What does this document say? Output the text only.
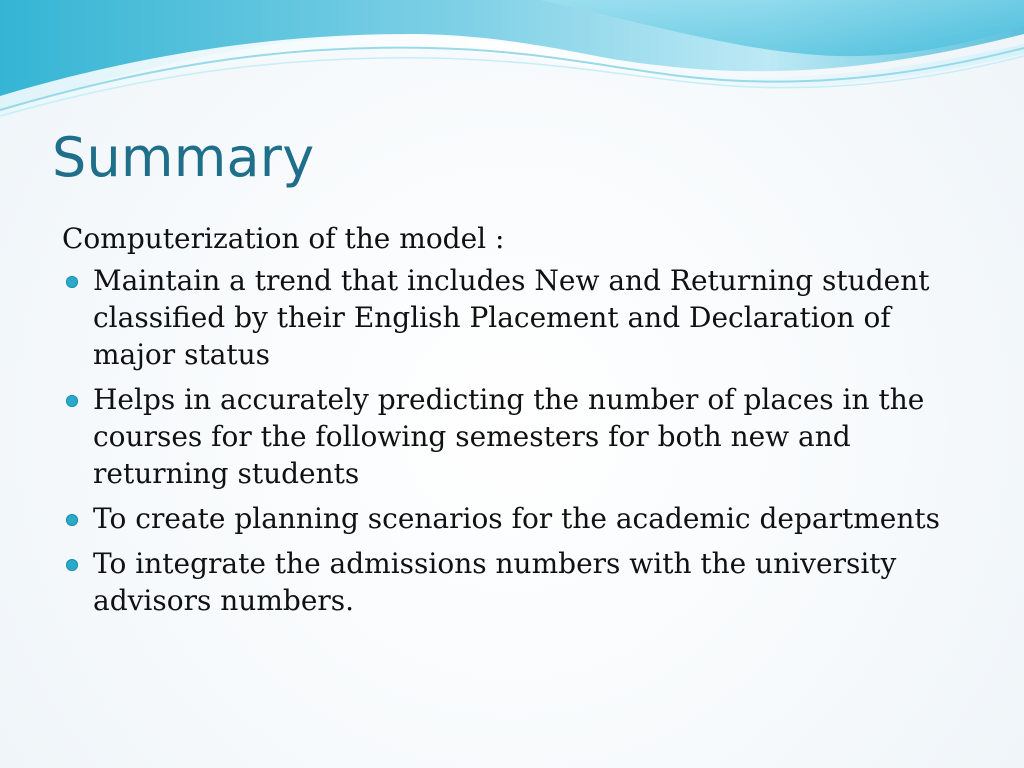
Summary

Computerization of the model :

Maintain a trend that includes New and Returning student classified by their English Placement and Declaration of major status
Helps in accurately predicting the number of places in the courses for the following semesters for both new and returning students
To create planning scenarios for the academic departments
To integrate the admissions numbers with the university advisors numbers.
